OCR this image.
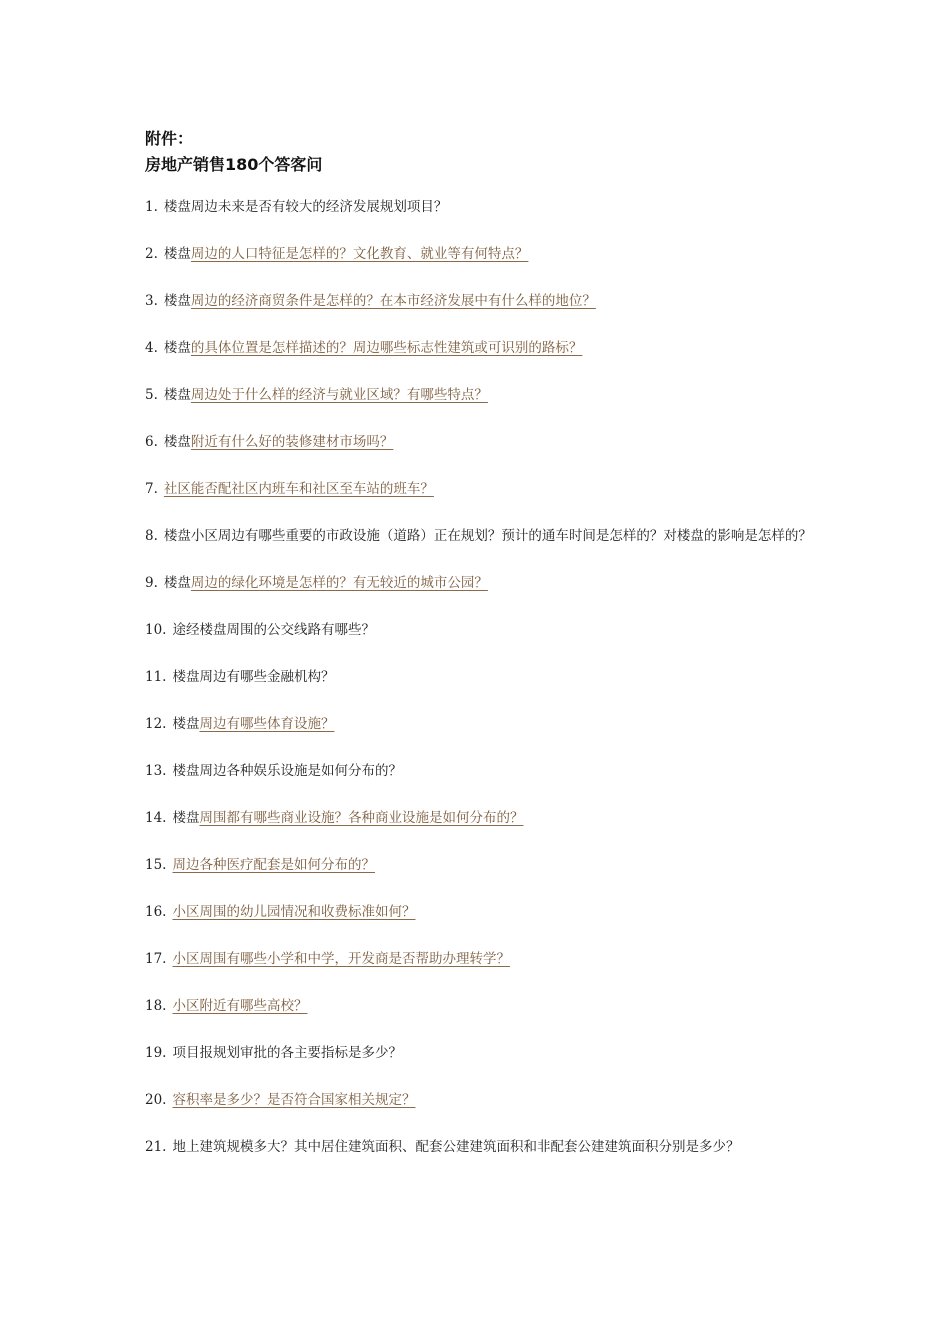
附件：

房地产销售180个答客问

1. 楼盘周边未来是否有较大的经济发展规划项目？

2. 楼盘周边的人口特征是怎样的？文化教育、就业等有何特点？

3. 楼盘周边的经济商贸条件是怎样的？在本市经济发展中有什么样的地位？

4. 楼盘的具体位置是怎样描述的？周边哪些标志性建筑或可识别的路标？

5. 楼盘周边处于什么样的经济与就业区域？有哪些特点？

6. 楼盘附近有什么好的装修建材市场吗？

7. 社区能否配社区内班车和社区至车站的班车？

8. 楼盘小区周边有哪些重要的市政设施（道路）正在规划？预计的通车时间是怎样的？对楼盘的影响是怎样的？

9. 楼盘周边的绿化环境是怎样的？有无较近的城市公园？

10. 途经楼盘周围的公交线路有哪些？

11. 楼盘周边有哪些金融机构？

12. 楼盘周边有哪些体育设施？

13. 楼盘周边各种娱乐设施是如何分布的？

14. 楼盘周围都有哪些商业设施？各种商业设施是如何分布的？

15. 周边各种医疗配套是如何分布的？

16. 小区周围的幼儿园情况和收费标准如何？

17. 小区周围有哪些小学和中学，开发商是否帮助办理转学？

18. 小区附近有哪些高校？

19. 项目报规划审批的各主要指标是多少？

20. 容积率是多少？是否符合国家相关规定？

21. 地上建筑规模多大？其中居住建筑面积、配套公建建筑面积和非配套公建建筑面积分别是多少？
